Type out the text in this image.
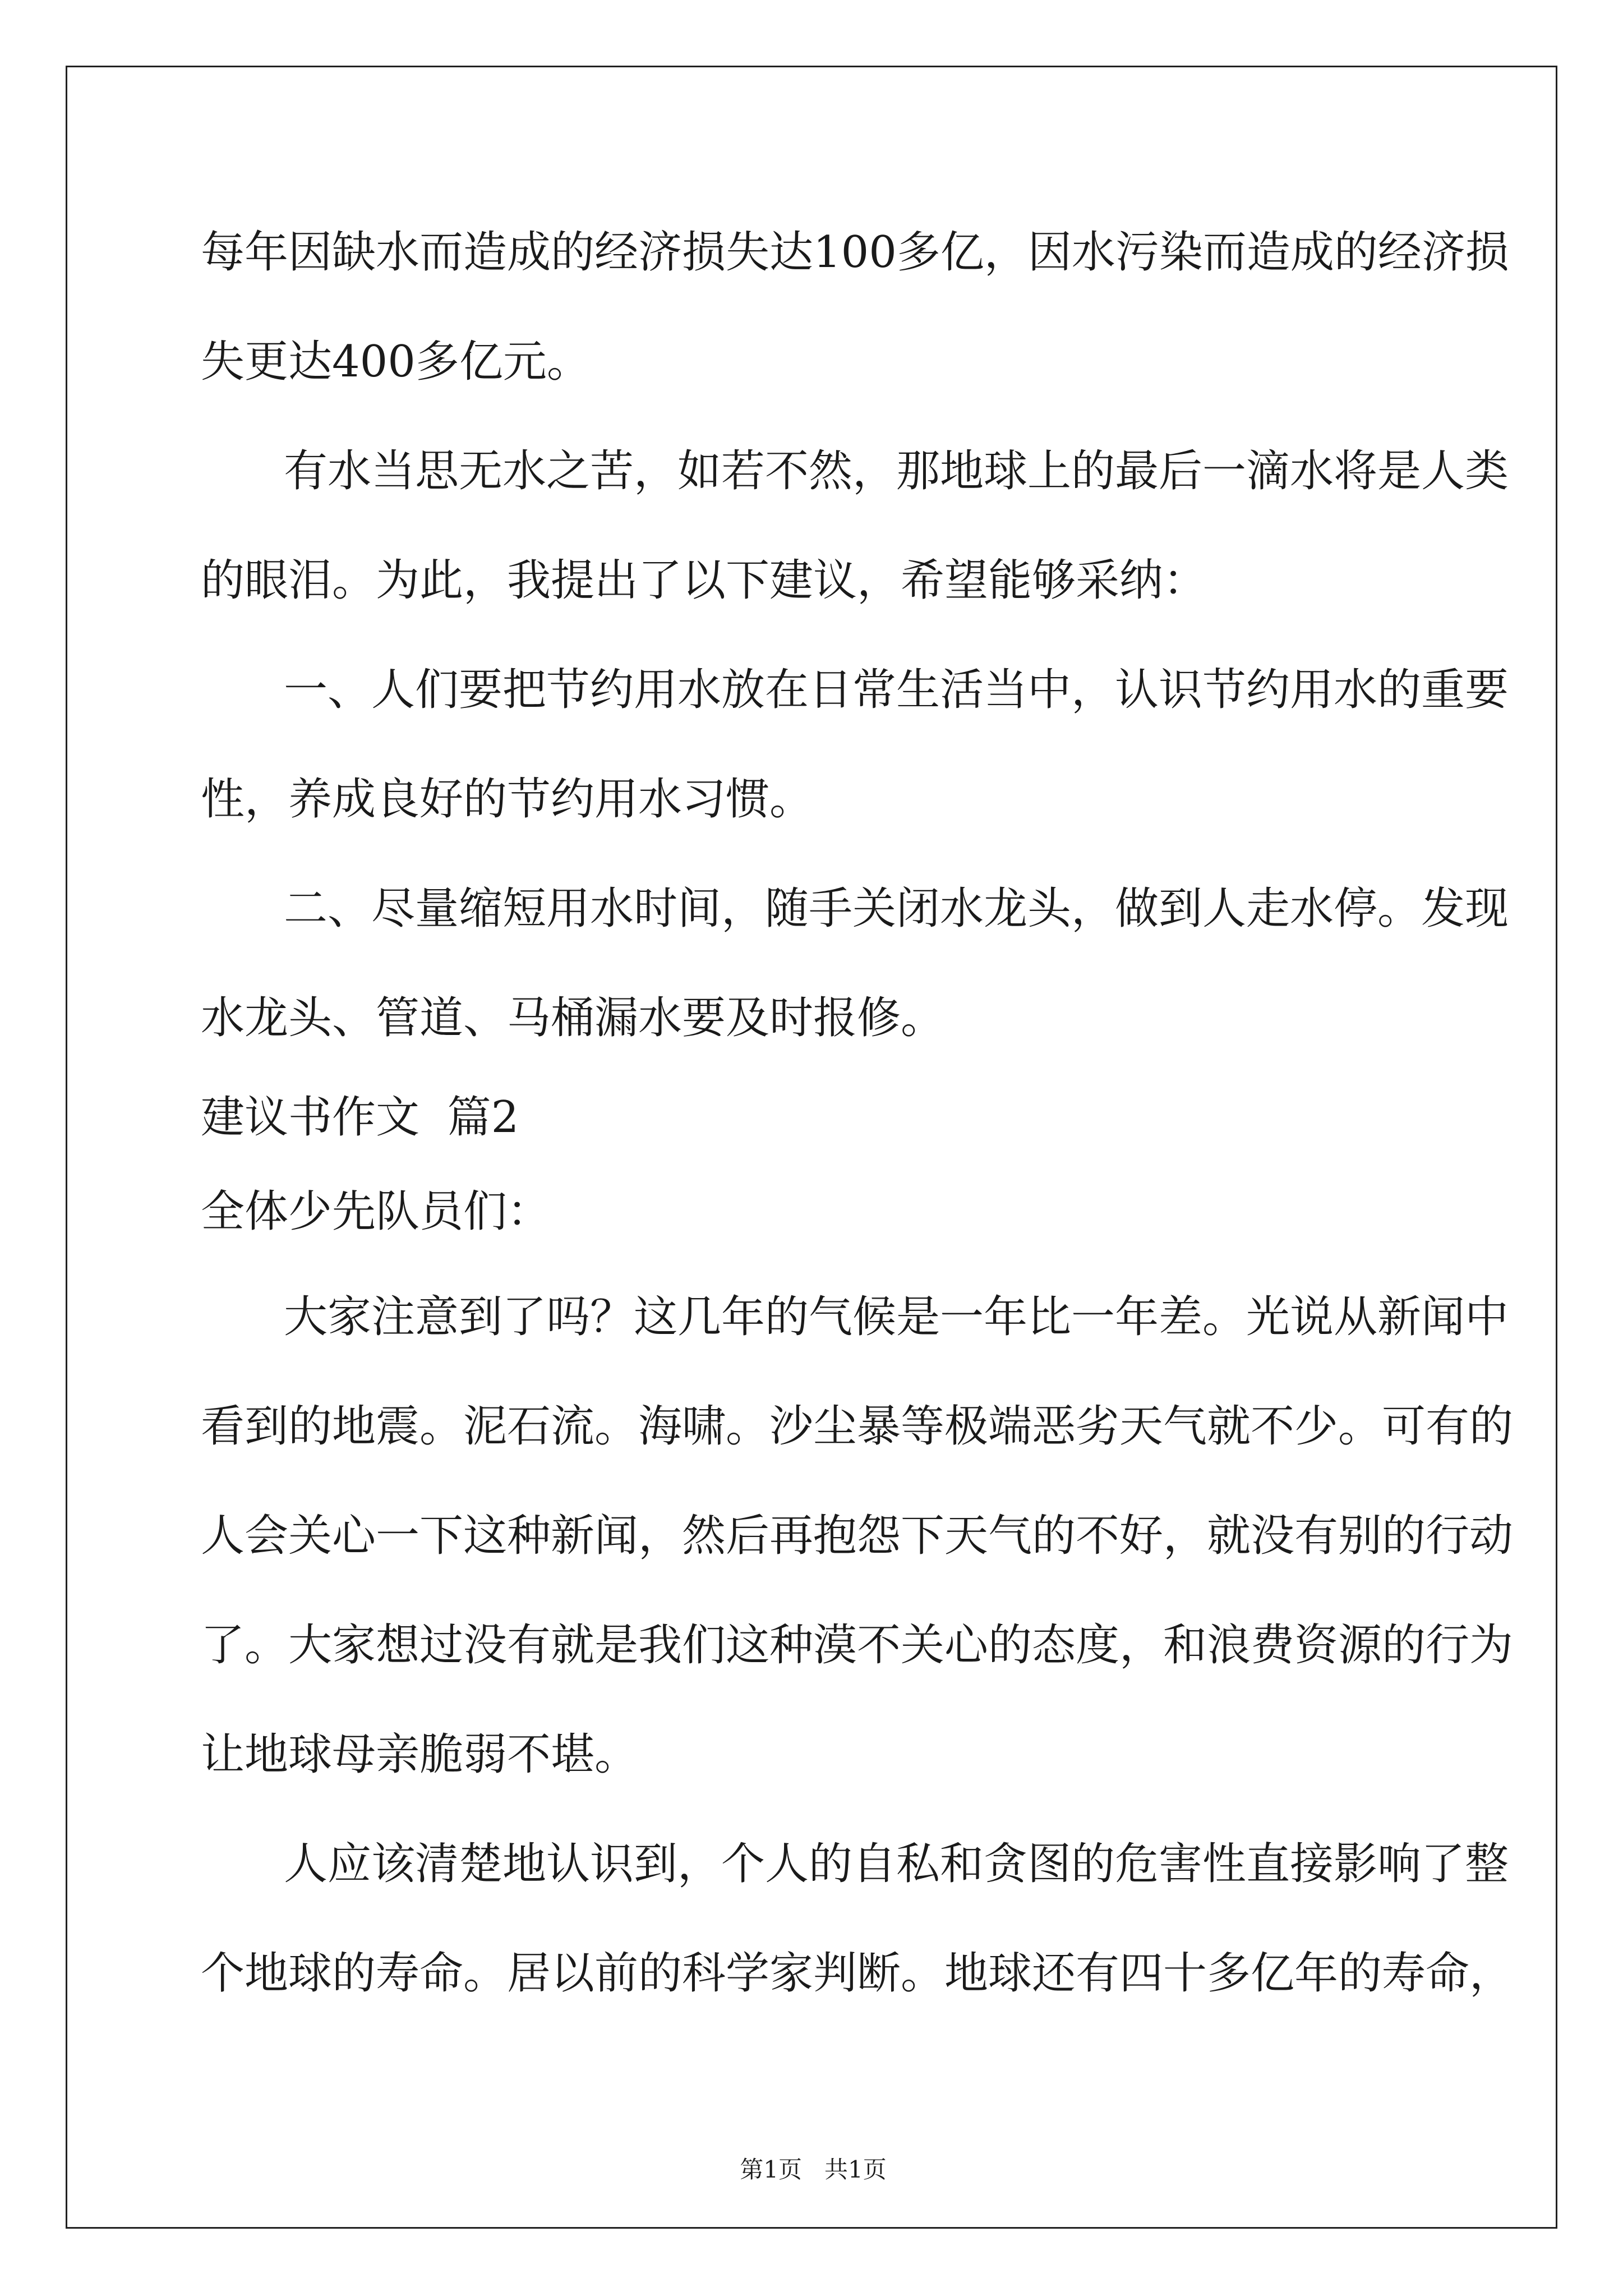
每年因缺水而造成的经济损失达100多亿，因水污染而造成的经济损

失更达400多亿元。

有水当思无水之苦，如若不然，那地球上的最后一滴水将是人类

的眼泪。为此，我提出了以下建议，希望能够采纳：

一、人们要把节约用水放在日常生活当中，认识节约用水的重要

性，养成良好的节约用水习惯。

二、尽量缩短用水时间，随手关闭水龙头，做到人走水停。发现

水龙头、管道、马桶漏水要及时报修。

建议书作文  篇2

全体少先队员们：

大家注意到了吗？这几年的气候是一年比一年差。光说从新闻中

看到的地震。泥石流。海啸。沙尘暴等极端恶劣天气就不少。可有的

人会关心一下这种新闻，然后再抱怨下天气的不好，就没有别的行动

了。大家想过没有就是我们这种漠不关心的态度，和浪费资源的行为

让地球母亲脆弱不堪。

人应该清楚地认识到，个人的自私和贪图的危害性直接影响了整

个地球的寿命。居以前的科学家判断。地球还有四十多亿年的寿命，

第1页   共1页
